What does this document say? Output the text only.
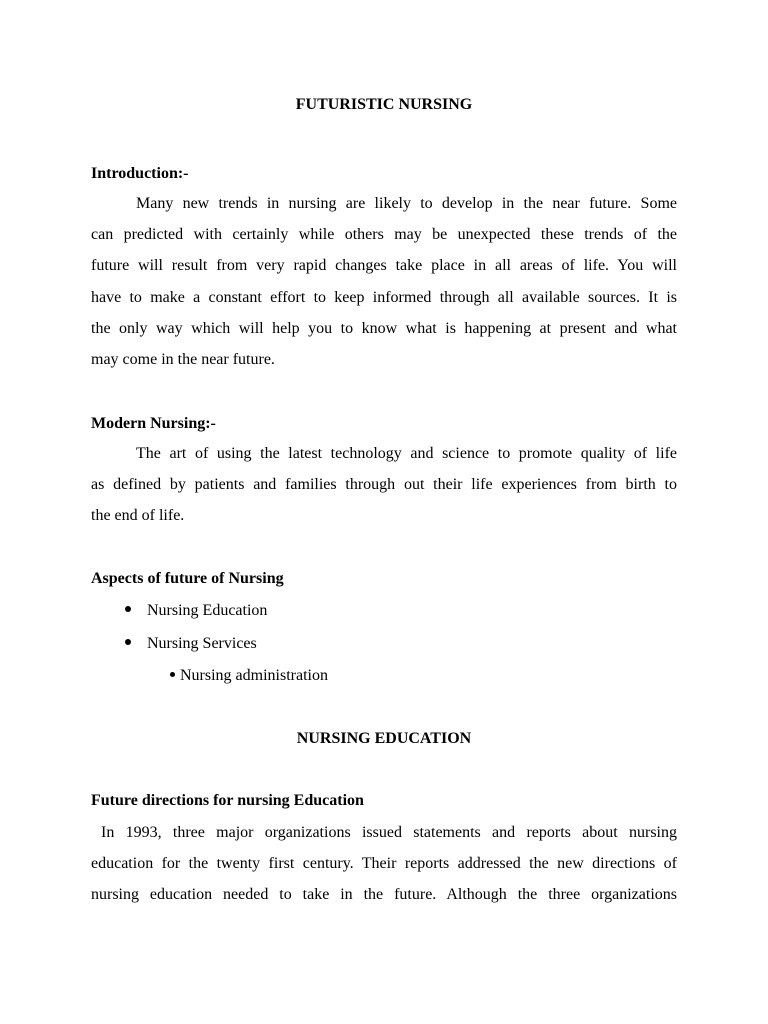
FUTURISTIC NURSING

Introduction:-

Many new trends in nursing are likely to develop in the near future. Some
can predicted with certainly while others may be unexpected these trends of the
future will result from very rapid changes take place in all areas of life. You will
have to make a constant effort to keep informed through all available sources. It is
the only way which will help you to know what is happening at present and what
may come in the near future.

Modern Nursing:-

The art of using the latest technology and science to promote quality of life
as defined by patients and families through out their life experiences from birth to
the end of life.

Aspects of future of Nursing

Nursing Education
Nursing Services
Nursing administration
NURSING EDUCATION

Future directions for nursing Education

In 1993, three major organizations issued statements and reports about nursing
education for the twenty first century. Their reports addressed the new directions of
nursing education needed to take in the future. Although the three organizations
